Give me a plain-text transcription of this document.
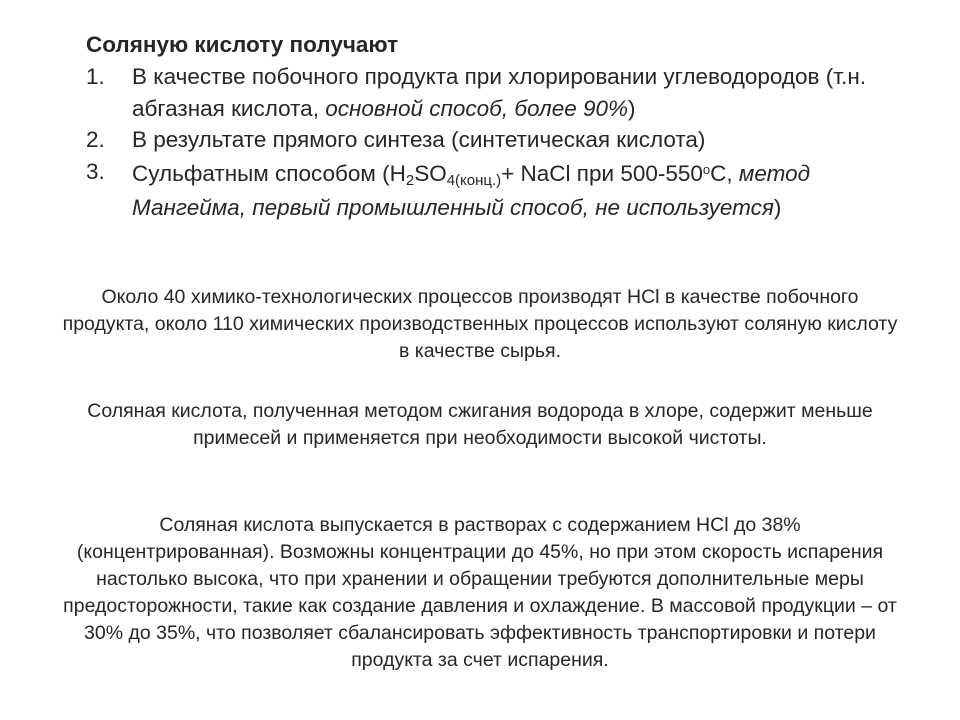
Соляную кислоту получают
1. В качестве побочного продукта при хлорировании углеводородов (т.н. абгазная кислота, основной способ, более 90%)
2. В результате прямого синтеза (синтетическая кислота)
3. Сульфатным способом ($H_2SO_{4(конц.)}+$ NaCl при 500-550$^o$C, метод Мангейма, первый промышленный способ, не используется)

Около 40 химико-технологических процессов производят HCl в качестве побочного продукта, около 110 химических производственных процессов используют соляную кислоту в качестве сырья.

Соляная кислота, полученная методом сжигания водорода в хлоре, содержит меньше примесей и применяется при необходимости высокой чистоты.

Соляная кислота выпускается в растворах с содержанием HCl до 38% (концентрированная). Возможны концентрации до 45%, но при этом скорость испарения настолько высока, что при хранении и обращении требуются дополнительные меры предосторожности, такие как создание давления и охлаждение. В массовой продукции – от 30% до 35%, что позволяет сбалансировать эффективность транспортировки и потери продукта за счет испарения.
